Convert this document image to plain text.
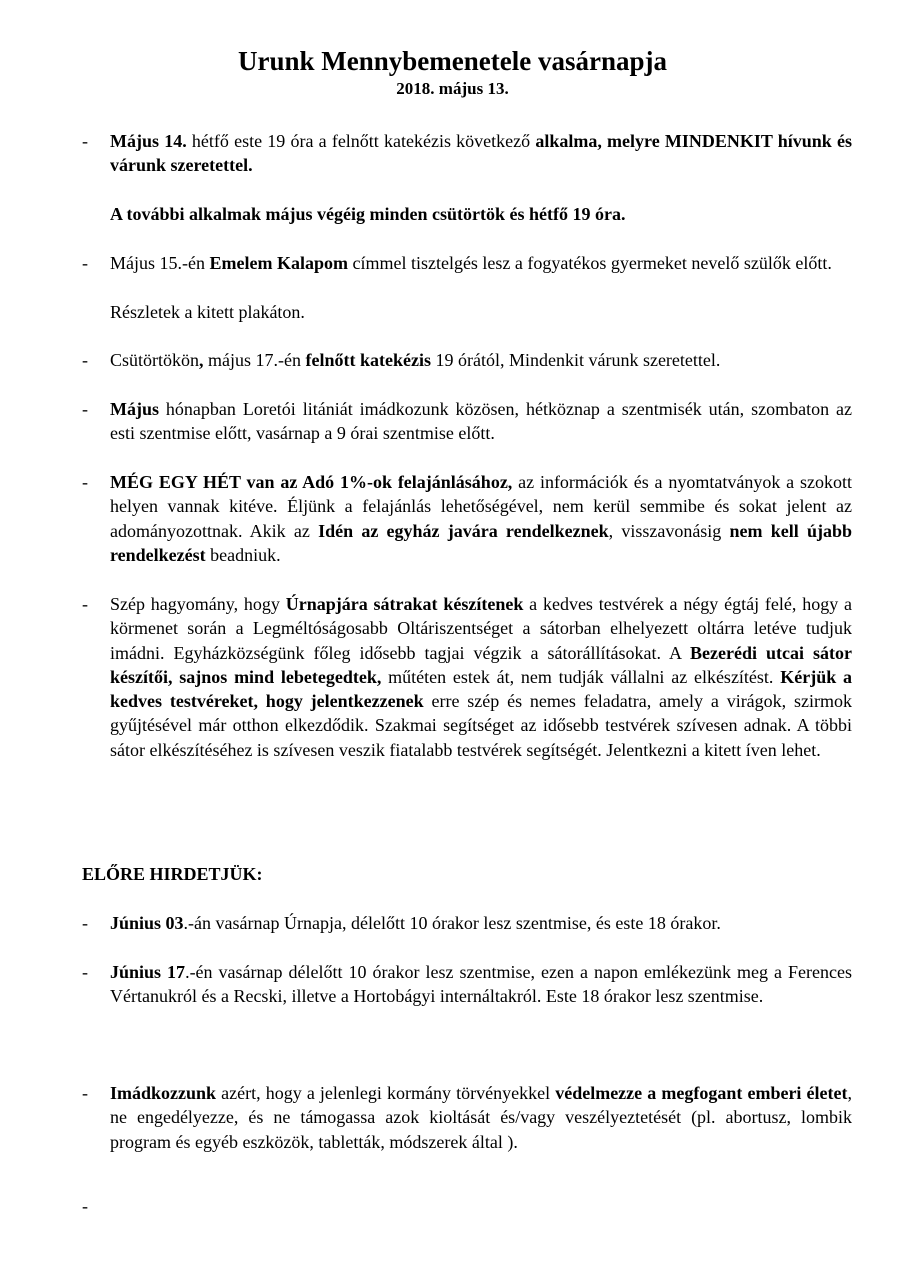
Urunk Mennybemenetele vasárnapja
2018. május 13.
- Május 14. hétfő este 19 óra a felnőtt katekézis következő alkalma, melyre MINDENKIT hívunk és várunk szeretettel.
A további alkalmak május végéig minden csütörtök és hétfő 19 óra.
- Május 15.-én Emelem Kalapom címmel tisztelgés lesz a fogyatékos gyermeket nevelő szülők előtt.
Részletek a kitett plakáton.
- Csütörtökön, május 17.-én felnőtt katekézis 19 órától, Mindenkit várunk szeretettel.
- Május hónapban Loretói litániát imádkozunk közösen, hétköznap a szentmisék után, szombaton az esti szentmise előtt, vasárnap a 9 órai szentmise előtt.
- MÉG EGY HÉT van az Adó 1%-ok felajánlásához, az információk és a nyomtatványok a szokott helyen vannak kitéve. Éljünk a felajánlás lehetőségével, nem kerül semmibe és sokat jelent az adományozottnak. Akik az Idén az egyház javára rendelkeznek, visszavonásig nem kell újabb rendelkezést beadniuk.
- Szép hagyomány, hogy Úrnapjára sátrakat készítenek a kedves testvérek a négy égtáj felé, hogy a körmenet során a Legméltóságosabb Oltáriszentséget a sátorban elhelyezett oltárra letéve tudjuk imádni. Egyházközségünk főleg idősebb tagjai végzik a sátorállításokat. A Bezerédi utcai sátor készítői, sajnos mind lebetegedtek, műtéten estek át, nem tudják vállalni az elkészítést. Kérjük a kedves testvéreket, hogy jelentkezzenek erre szép és nemes feladatra, amely a virágok, szirmok gyűjtésével már otthon elkezdődik. Szakmai segítséget az idősebb testvérek szívesen adnak. A többi sátor elkészítéséhez is szívesen veszik fiatalabb testvérek segítségét. Jelentkezni a kitett íven lehet.
ELŐRE HIRDETJÜK:
- Június 03.-án vasárnap Úrnapja, délelőtt 10 órakor lesz szentmise, és este 18 órakor.
- Június 17.-én vasárnap délelőtt 10 órakor lesz szentmise, ezen a napon emlékezünk meg a Ferences Vértanukról és a Recski, illetve a Hortobágyi internáltakról. Este 18 órakor lesz szentmise.
- Imádkozzunk azért, hogy a jelenlegi kormány törvényekkel védelmezze a megfogant emberi életet, ne engedélyezze, és ne támogassa azok kioltását és/vagy veszélyeztetését (pl. abortusz, lombik program és egyéb eszközök, tabletták, módszerek által ).
-
